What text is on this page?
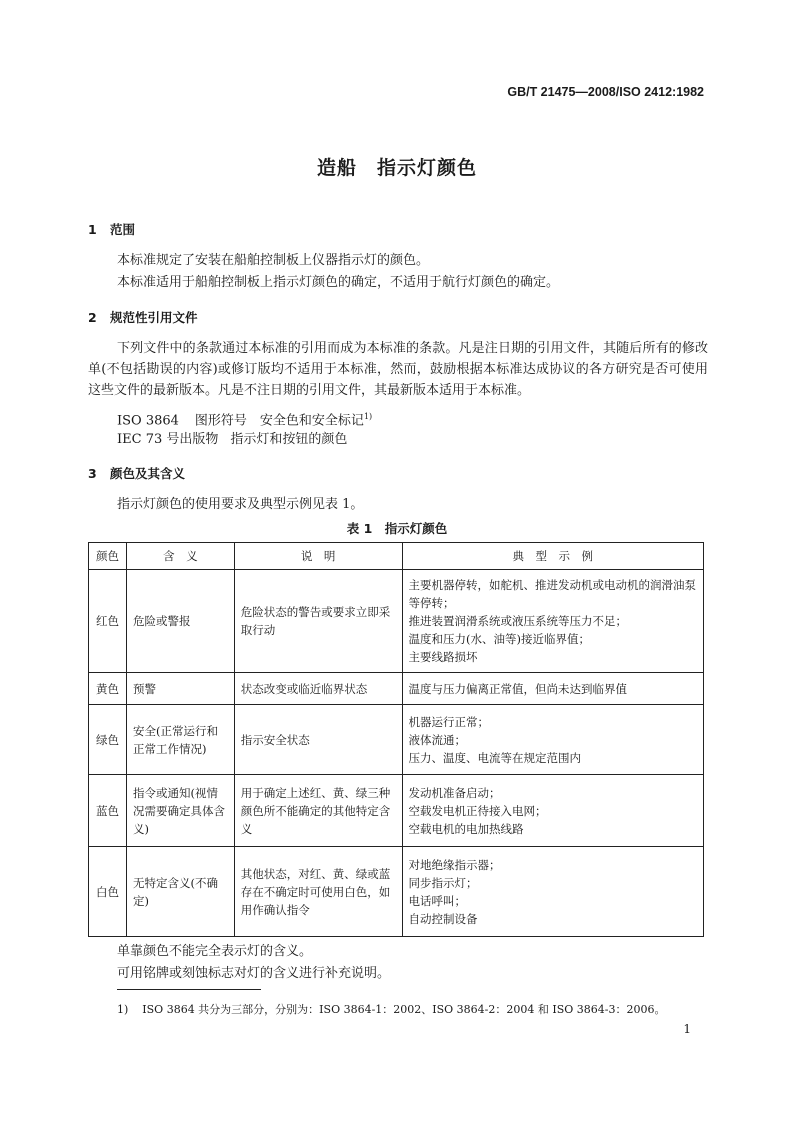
GB/T 21475—2008/ISO 2412:1982
造船　指示灯颜色
1 范围
本标准规定了安装在船舶控制板上仪器指示灯的颜色。
本标准适用于船舶控制板上指示灯颜色的确定，不适用于航行灯颜色的确定。
2 规范性引用文件
下列文件中的条款通过本标准的引用而成为本标准的条款。凡是注日期的引用文件，其随后所有的修改单(不包括勘误的内容)或修订版均不适用于本标准，然而，鼓励根据本标准达成协议的各方研究是否可使用这些文件的最新版本。凡是不注日期的引用文件，其最新版本适用于本标准。
ISO 3864 图形符号　安全色和安全标记$^{1)}$
IEC 73 号出版物 指示灯和按钮的颜色
3 颜色及其含义
指示灯颜色的使用要求及典型示例见表 1。
表 1　指示灯颜色
颜色	含　义	说　明	典　型　示　例
红色	危险或警报	危险状态的警告或要求立即采取行动	主要机器停转，如舵机、推进发动机或电动机的润滑油泵等停转；
推进装置润滑系统或液压系统等压力不足；
温度和压力(水、油等)接近临界值；
主要线路损坏
黄色	预警	状态改变或临近临界状态	温度与压力偏离正常值，但尚未达到临界值
绿色	安全(正常运行和正常工作情况)	指示安全状态	机器运行正常；
液体流通；
压力、温度、电流等在规定范围内
蓝色	指令或通知(视情况需要确定具体含义)	用于确定上述红、黄、绿三种颜色所不能确定的其他特定含义	发动机准备启动；
空载发电机正待接入电网；
空载电机的电加热线路
白色	无特定含义(不确定)	其他状态，对红、黄、绿或蓝存在不确定时可使用白色，如用作确认指令	对地绝缘指示器；
同步指示灯；
电话呼叫；
自动控制设备
单靠颜色不能完全表示灯的含义。
可用铭牌或刻蚀标志对灯的含义进行补充说明。
1) ISO 3864 共分为三部分，分别为：ISO 3864-1：2002、ISO 3864-2：2004 和 ISO 3864-3：2006。
1
